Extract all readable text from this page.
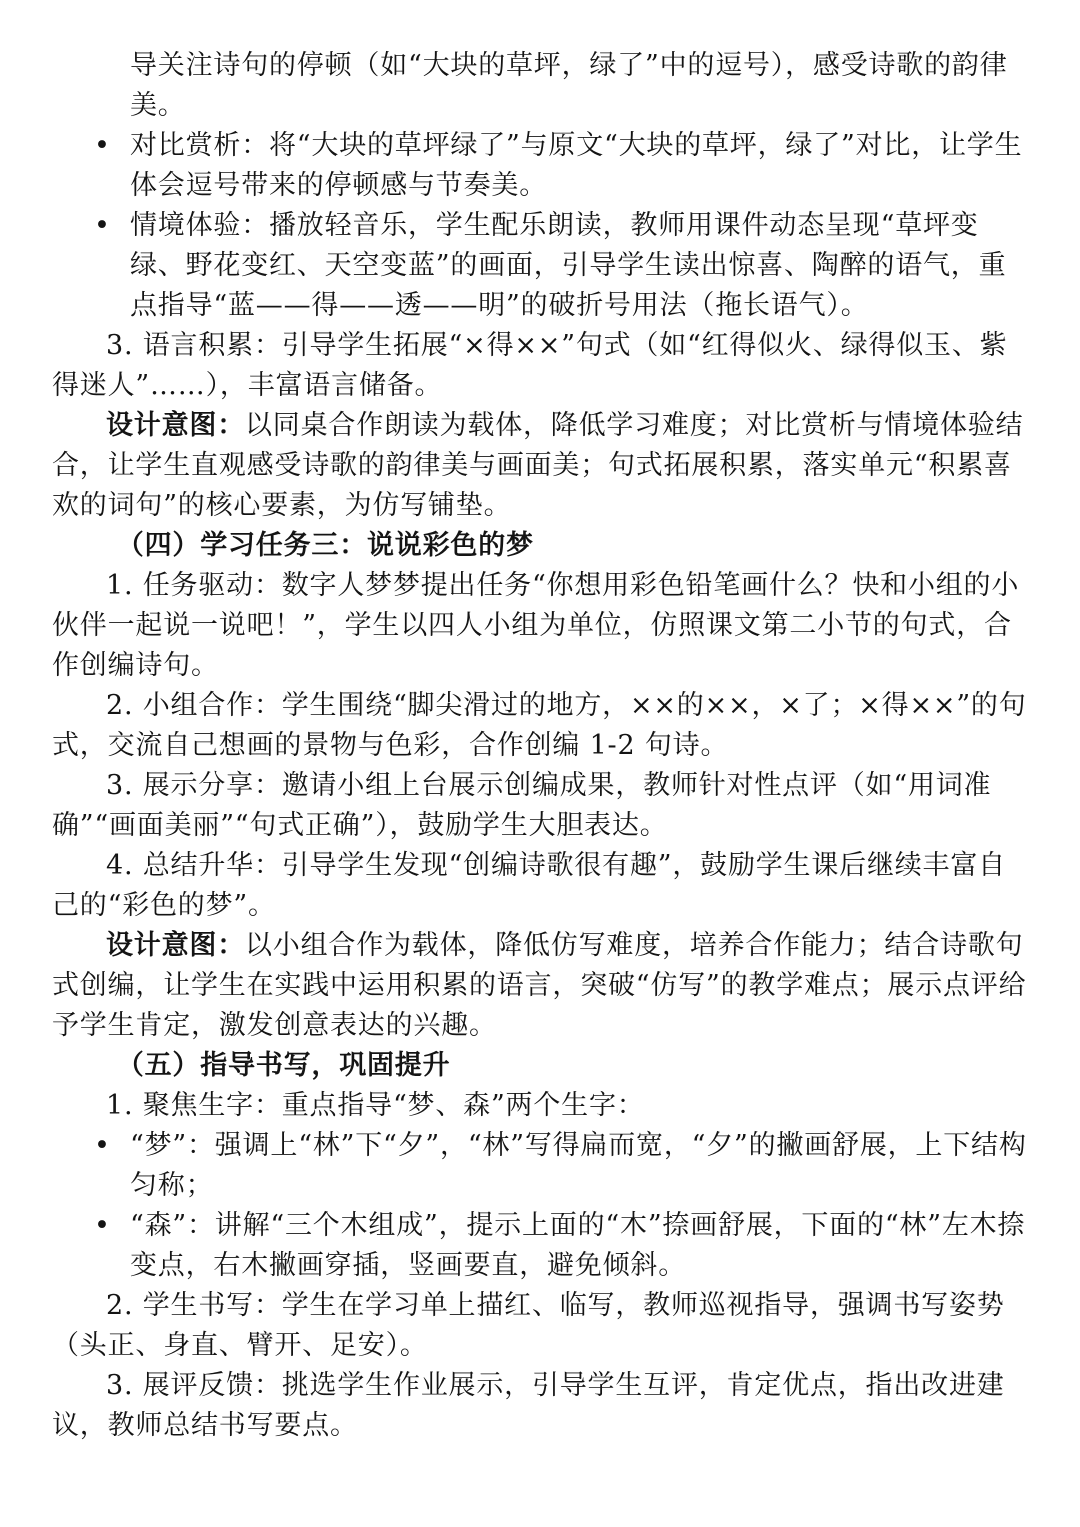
导关注诗句的停顿（如“大块的草坪，绿了”中的逗号），感受诗歌的韵律美。

• 对比赏析：将“大块的草坪绿了”与原文“大块的草坪，绿了”对比，让学生体会逗号带来的停顿感与节奏美。

• 情境体验：播放轻音乐，学生配乐朗读，教师用课件动态呈现“草坪变绿、野花变红、天空变蓝”的画面，引导学生读出惊喜、陶醉的语气，重点指导“蓝——得——透——明”的破折号用法（拖长语气）。

3. 语言积累：引导学生拓展“×得××”句式（如“红得似火、绿得似玉、紫得迷人”……），丰富语言储备。

设计意图：以同桌合作朗读为载体，降低学习难度；对比赏析与情境体验结合，让学生直观感受诗歌的韵律美与画面美；句式拓展积累，落实单元“积累喜欢的词句”的核心要素，为仿写铺垫。

（四）学习任务三：说说彩色的梦

1. 任务驱动：数字人梦梦提出任务“你想用彩色铅笔画什么？快和小组的小伙伴一起说一说吧！”，学生以四人小组为单位，仿照课文第二小节的句式，合作创编诗句。

2. 小组合作：学生围绕“脚尖滑过的地方，××的××，×了；×得××”的句式，交流自己想画的景物与色彩，合作创编 1-2 句诗。

3. 展示分享：邀请小组上台展示创编成果，教师针对性点评（如“用词准确”“画面美丽”“句式正确”），鼓励学生大胆表达。

4. 总结升华：引导学生发现“创编诗歌很有趣”，鼓励学生课后继续丰富自己的“彩色的梦”。

设计意图：以小组合作为载体，降低仿写难度，培养合作能力；结合诗歌句式创编，让学生在实践中运用积累的语言，突破“仿写”的教学难点；展示点评给予学生肯定，激发创意表达的兴趣。

（五）指导书写，巩固提升

1. 聚焦生字：重点指导“梦、森”两个生字：

• “梦”：强调上“林”下“夕”，“林”写得扁而宽，“夕”的撇画舒展，上下结构匀称；

• “森”：讲解“三个木组成”，提示上面的“木”捺画舒展，下面的“林”左木捺变点，右木撇画穿插，竖画要直，避免倾斜。

2. 学生书写：学生在学习单上描红、临写，教师巡视指导，强调书写姿势（头正、身直、臂开、足安）。

3. 展评反馈：挑选学生作业展示，引导学生互评，肯定优点，指出改进建议，教师总结书写要点。
